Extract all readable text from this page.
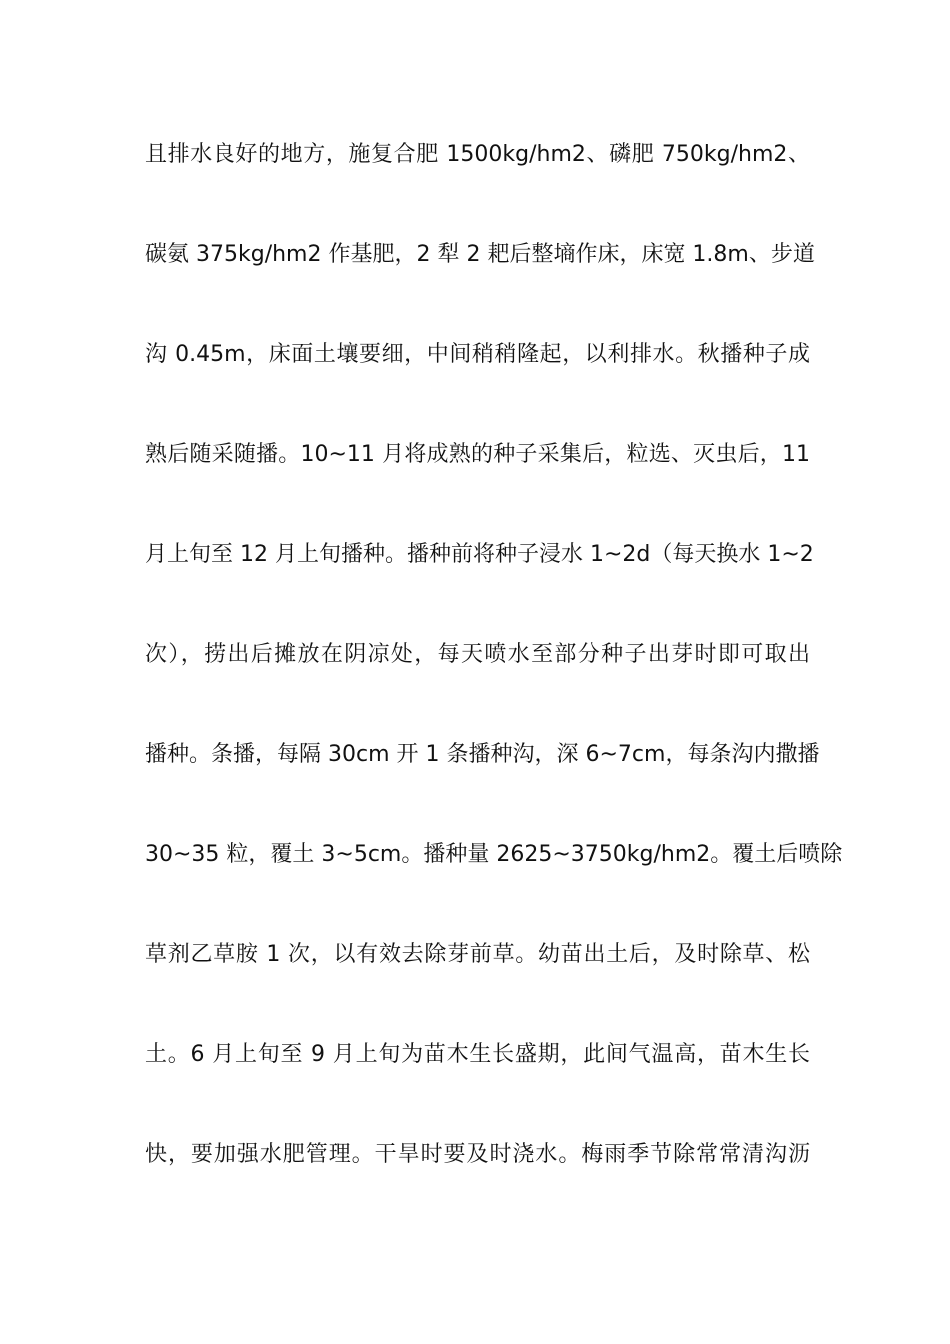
且排水良好的地方，施复合肥 1500kg/hm2、磷肥 750kg/hm2、
碳氨 375kg/hm2 作基肥，2 犁 2 耙后整墒作床，床宽 1.8m、步道
沟 0.45m，床面土壤要细，中间稍稍隆起，以利排水。秋播种子成
熟后随采随播。10~11 月将成熟的种子采集后，粒选、灭虫后，11
月上旬至 12 月上旬播种。播种前将种子浸水 1~2d（每天换水 1~2
次），捞出后摊放在阴凉处，每天喷水至部分种子出芽时即可取出
播种。条播，每隔 30cm 开 1 条播种沟，深 6~7cm，每条沟内撒播
30~35 粒，覆土 3~5cm。播种量 2625~3750kg/hm2。覆土后喷除
草剂乙草胺 1 次，以有效去除芽前草。幼苗出土后，及时除草、松
土。6 月上旬至 9 月上旬为苗木生长盛期，此间气温高，苗木生长
快，要加强水肥管理。干旱时要及时浇水。梅雨季节除常常清沟沥
